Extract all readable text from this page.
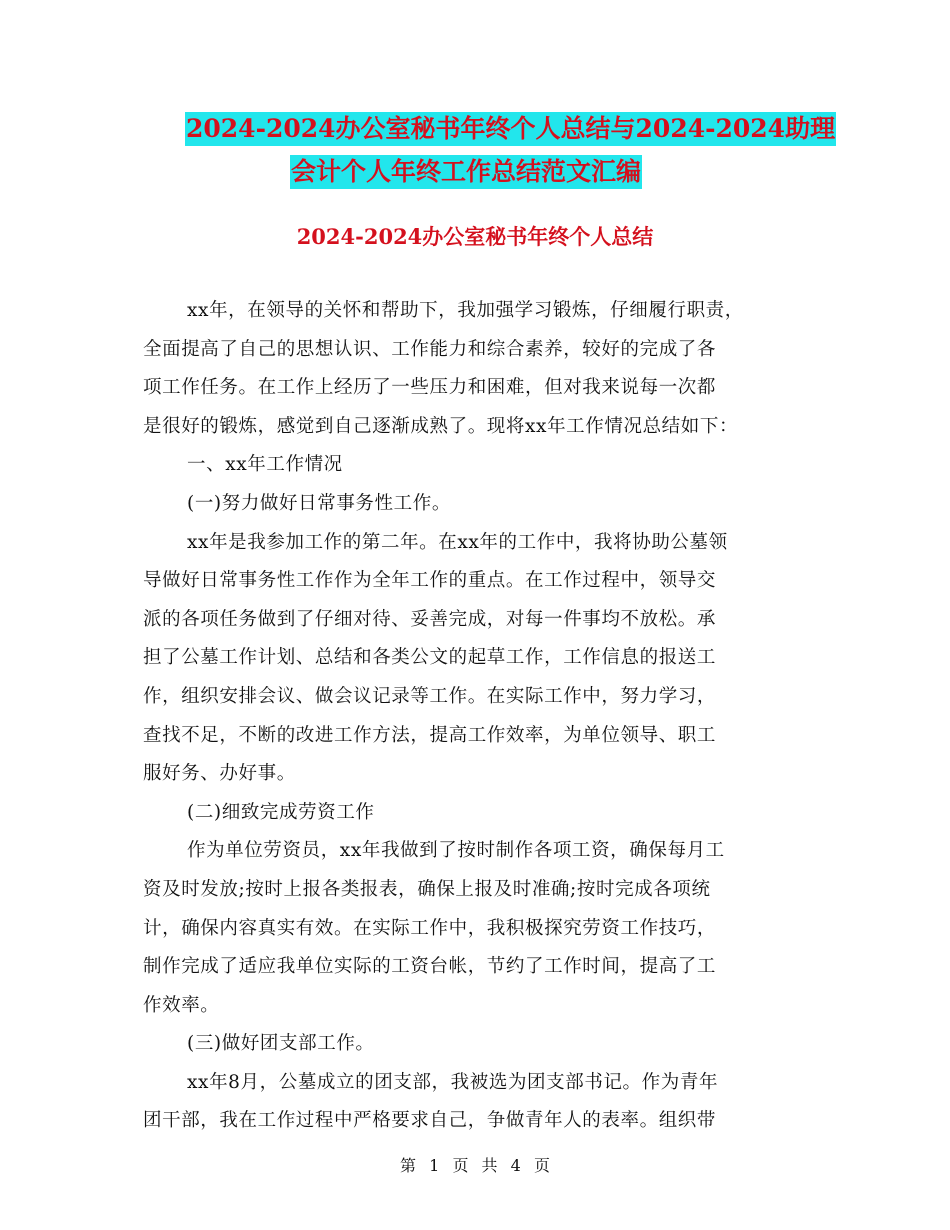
2024-2024办公室秘书年终个人总结与2024-2024助理
会计个人年终工作总结范文汇编
2024-2024办公室秘书年终个人总结
xx年，在领导的关怀和帮助下，我加强学习锻炼，仔细履行职责，
全面提高了自己的思想认识、工作能力和综合素养，较好的完成了各
项工作任务。在工作上经历了一些压力和困难，但对我来说每一次都
是很好的锻炼，感觉到自己逐渐成熟了。现将xx年工作情况总结如下：
一、xx年工作情况
(一)努力做好日常事务性工作。
xx年是我参加工作的第二年。在xx年的工作中，我将协助公墓领
导做好日常事务性工作作为全年工作的重点。在工作过程中，领导交
派的各项任务做到了仔细对待、妥善完成，对每一件事均不放松。承
担了公墓工作计划、总结和各类公文的起草工作，工作信息的报送工
作，组织安排会议、做会议记录等工作。在实际工作中，努力学习，
查找不足，不断的改进工作方法，提高工作效率，为单位领导、职工
服好务、办好事。
(二)细致完成劳资工作
作为单位劳资员，xx年我做到了按时制作各项工资，确保每月工
资及时发放;按时上报各类报表，确保上报及时准确;按时完成各项统
计，确保内容真实有效。在实际工作中，我积极探究劳资工作技巧，
制作完成了适应我单位实际的工资台帐，节约了工作时间，提高了工
作效率。
(三)做好团支部工作。
xx年8月，公墓成立的团支部，我被选为团支部书记。作为青年
团干部，我在工作过程中严格要求自己，争做青年人的表率。组织带
第 1 页 共 4 页
